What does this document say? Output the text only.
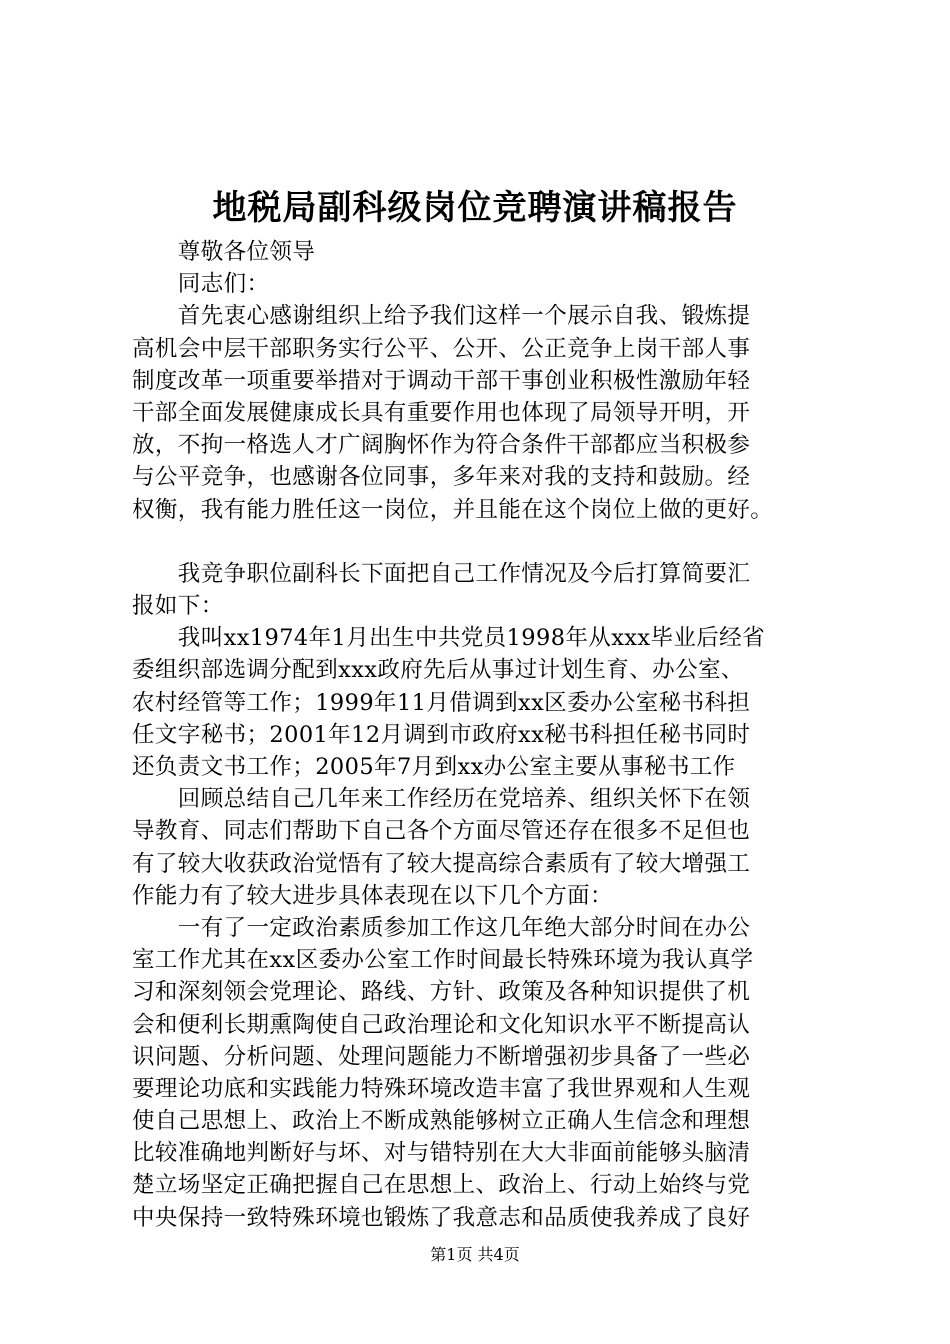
地税局副科级岗位竞聘演讲稿报告
　　尊敬各位领导
　　同志们：
　　首先衷心感谢组织上给予我们这样一个展示自我、锻炼提
高机会中层干部职务实行公平、公开、公正竞争上岗干部人事
制度改革一项重要举措对于调动干部干事创业积极性激励年轻
干部全面发展健康成长具有重要作用也体现了局领导开明，开
放，不拘一格选人才广阔胸怀作为符合条件干部都应当积极参
与公平竞争，也感谢各位同事，多年来对我的支持和鼓励。经
权衡，我有能力胜任这一岗位，并且能在这个岗位上做的更好。
　　我竞争职位副科长下面把自己工作情况及今后打算简要汇
报如下：
　　我叫xx1974年1月出生中共党员1998年从xxx毕业后经省
委组织部选调分配到xxx政府先后从事过计划生育、办公室、
农村经管等工作；1999年11月借调到xx区委办公室秘书科担
任文字秘书；2001年12月调到市政府xx秘书科担任秘书同时
还负责文书工作；2005年7月到xx办公室主要从事秘书工作
　　回顾总结自己几年来工作经历在党培养、组织关怀下在领
导教育、同志们帮助下自己各个方面尽管还存在很多不足但也
有了较大收获政治觉悟有了较大提高综合素质有了较大增强工
作能力有了较大进步具体表现在以下几个方面：
　　一有了一定政治素质参加工作这几年绝大部分时间在办公
室工作尤其在xx区委办公室工作时间最长特殊环境为我认真学
习和深刻领会党理论、路线、方针、政策及各种知识提供了机
会和便利长期熏陶使自己政治理论和文化知识水平不断提高认
识问题、分析问题、处理问题能力不断增强初步具备了一些必
要理论功底和实践能力特殊环境改造丰富了我世界观和人生观
使自己思想上、政治上不断成熟能够树立正确人生信念和理想
比较准确地判断好与坏、对与错特别在大大非面前能够头脑清
楚立场坚定正确把握自己在思想上、政治上、行动上始终与党
中央保持一致特殊环境也锻炼了我意志和品质使我养成了良好
第1页 共4页
